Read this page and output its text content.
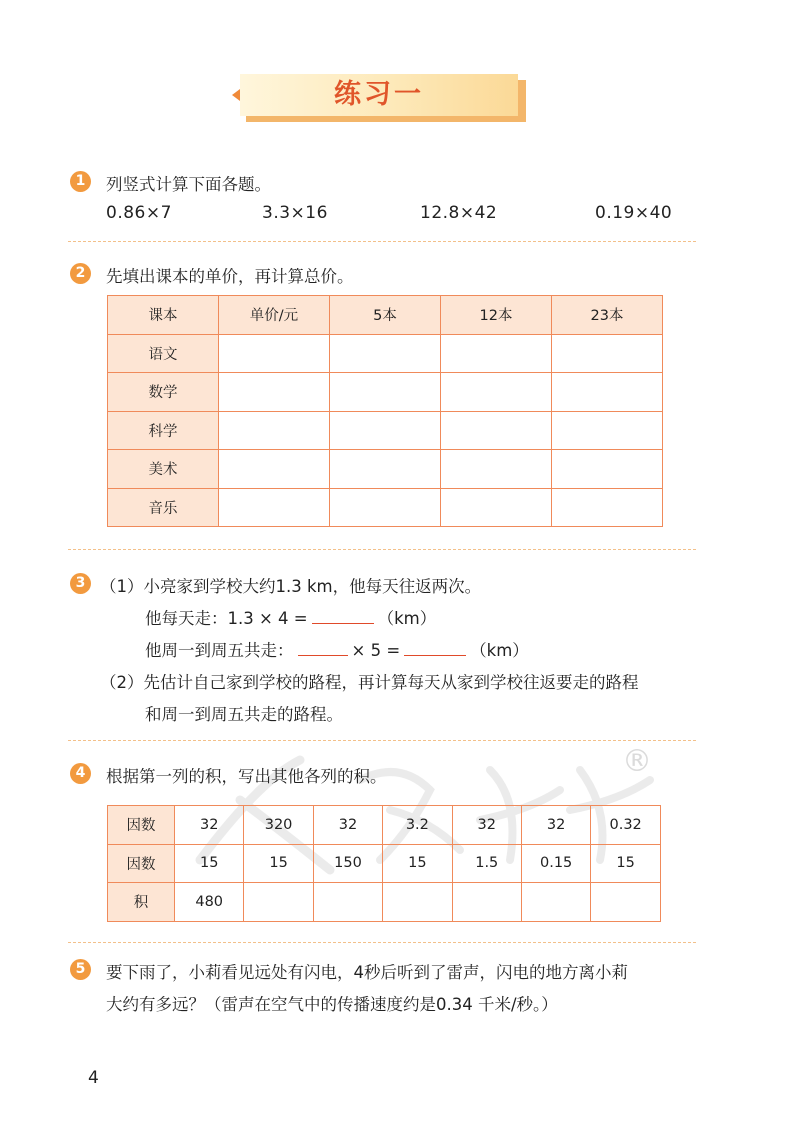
练习一
1	列竖式计算下面各题。
0.86×7	3.3×16	12.8×42	0.19×40
2	先填出课本的单价，再计算总价。
课本	单价/元	5本	12本	23本
语文				
数学				
科学				
美术				
音乐				
3 （1）小亮家到学校大约1.3 km，他每天往返两次。
他每天走：1.3 × 4 =	（km）
他周一到周五共走：	× 5 =	（km）
（2）先估计自己家到学校的路程，再计算每天从家到学校往返要走的路程
和周一到周五共走的路程。
®
4	根据第一列的积，写出其他各列的积。
因数	32	320	32	3.2	32	32	0.32
因数	15	15	150	15	1.5	0.15	15
积	480						
5	要下雨了，小莉看见远处有闪电，4秒后听到了雷声，闪电的地方离小莉
大约有多远？（雷声在空气中的传播速度约是0.34 千米/秒。）
4
